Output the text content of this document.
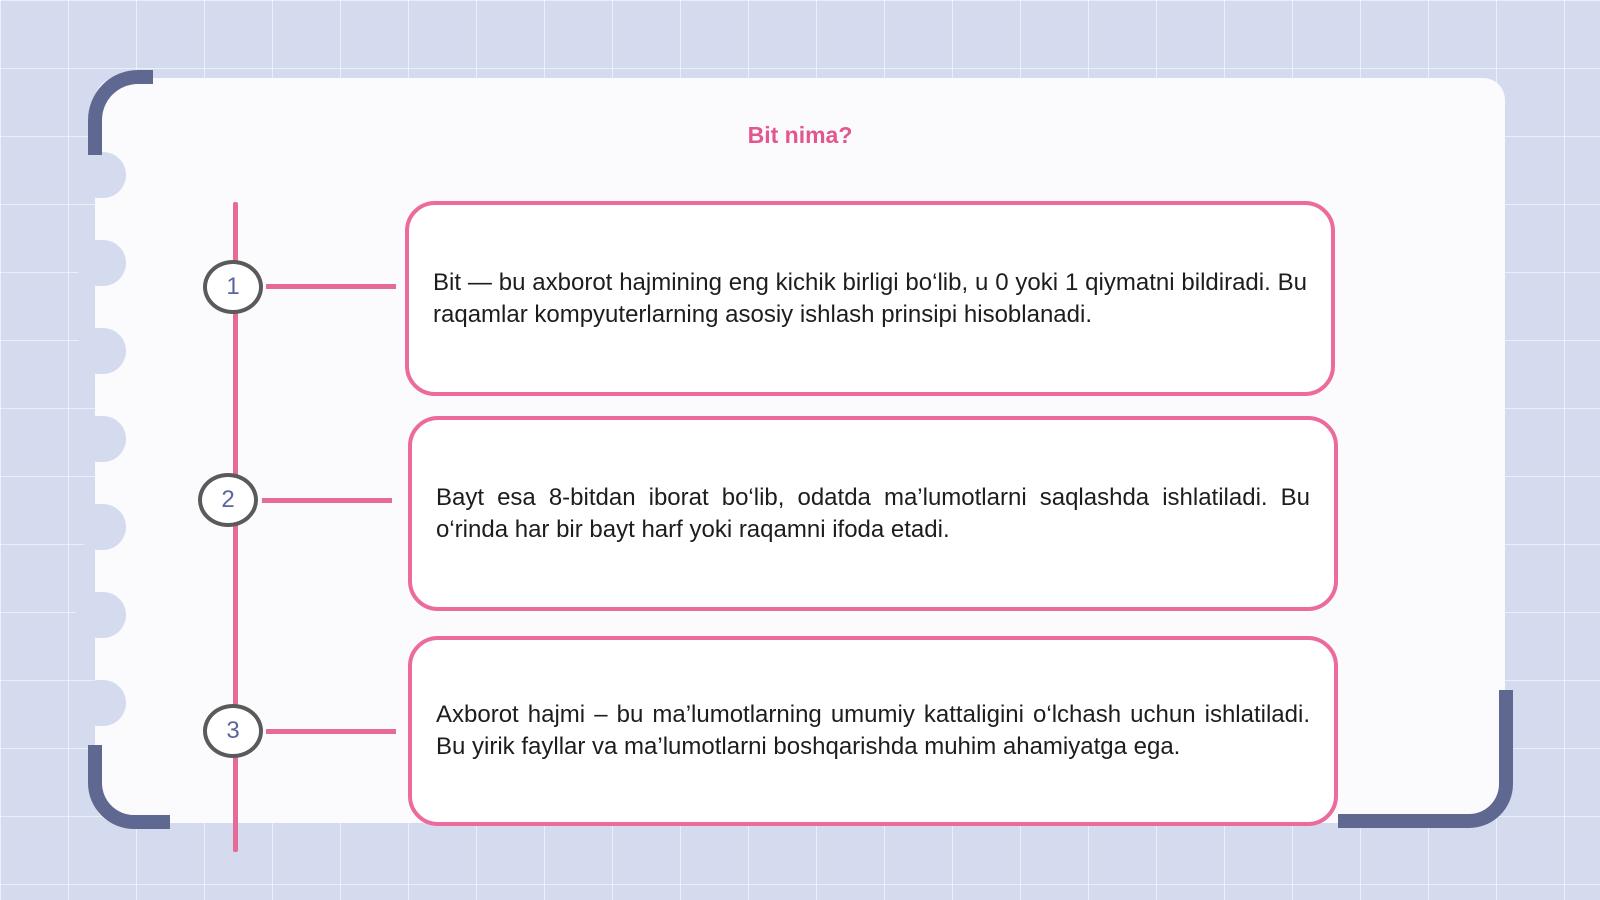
Bit nima?
1
2
3

Bit — bu axborot hajmining eng kichik birligi bo‘lib, u 0 yoki 1 qiymatni bildiradi. Bu raqamlar kompyuterlarning asosiy ishlash prinsipi hisoblanadi.

Bayt esa 8-bitdan iborat bo‘lib, odatda ma’lumotlarni saqlashda ishlatiladi. Bu o‘rinda har bir bayt harf yoki raqamni ifoda etadi.

Axborot hajmi – bu ma’lumotlarning umumiy kattaligini o‘lchash uchun ishlatiladi. Bu yirik fayllar va ma’lumotlarni boshqarishda muhim ahamiyatga ega.
